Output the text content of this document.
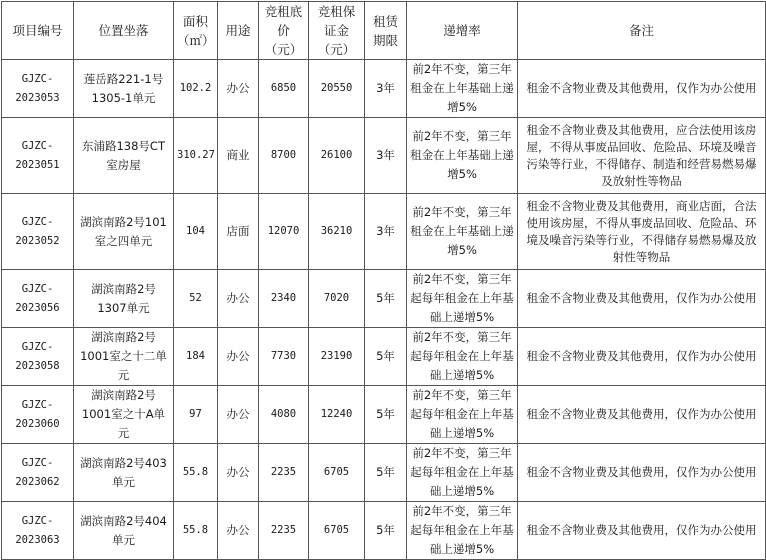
项目编号	位置坐落	面积（㎡）	用途	竞租底价（元）	竞租保证金（元）	租赁期限	递增率	备注
GJZC-2023053	莲岳路221-1号1305-1单元	102.2	办公	6850	20550	3年	前2年不变，第三年租金在上年基础上递增5%	租金不含物业费及其他费用，仅作为办公使用
GJZC-2023051	东浦路138号CT室房屋	310.27	商业	8700	26100	3年	前2年不变，第三年租金在上年基础上递增5%	租金不含物业费及其他费用，应合法使用该房屋，不得从事废品回收、危险品、环境及噪音污染等行业，不得储存、制造和经营易燃易爆及放射性等物品
GJZC-2023052	湖滨南路2号101室之四单元	104	店面	12070	36210	3年	前2年不变，第三年租金在上年基础上递增5%	租金不含物业费及其他费用，商业店面，合法使用该房屋，不得从事废品回收、危险品、环境及噪音污染等行业，不得储存易燃易爆及放射性等物品
GJZC-2023056	湖滨南路2号1307单元	52	办公	2340	7020	5年	前2年不变，第三年起每年租金在上年基础上递增5%	租金不含物业费及其他费用，仅作为办公使用
GJZC-2023058	湖滨南路2号1001室之十二单元	184	办公	7730	23190	5年	前2年不变，第三年起每年租金在上年基础上递增5%	租金不含物业费及其他费用，仅作为办公使用
GJZC-2023060	湖滨南路2号1001室之十A单元	97	办公	4080	12240	5年	前2年不变，第三年起每年租金在上年基础上递增5%	租金不含物业费及其他费用，仅作为办公使用
GJZC-2023062	湖滨南路2号403单元	55.8	办公	2235	6705	5年	前2年不变，第三年起每年租金在上年基础上递增5%	租金不含物业费及其他费用，仅作为办公使用
GJZC-2023063	湖滨南路2号404单元	55.8	办公	2235	6705	5年	前2年不变，第三年起每年租金在上年基础上递增5%	租金不含物业费及其他费用，仅作为办公使用
